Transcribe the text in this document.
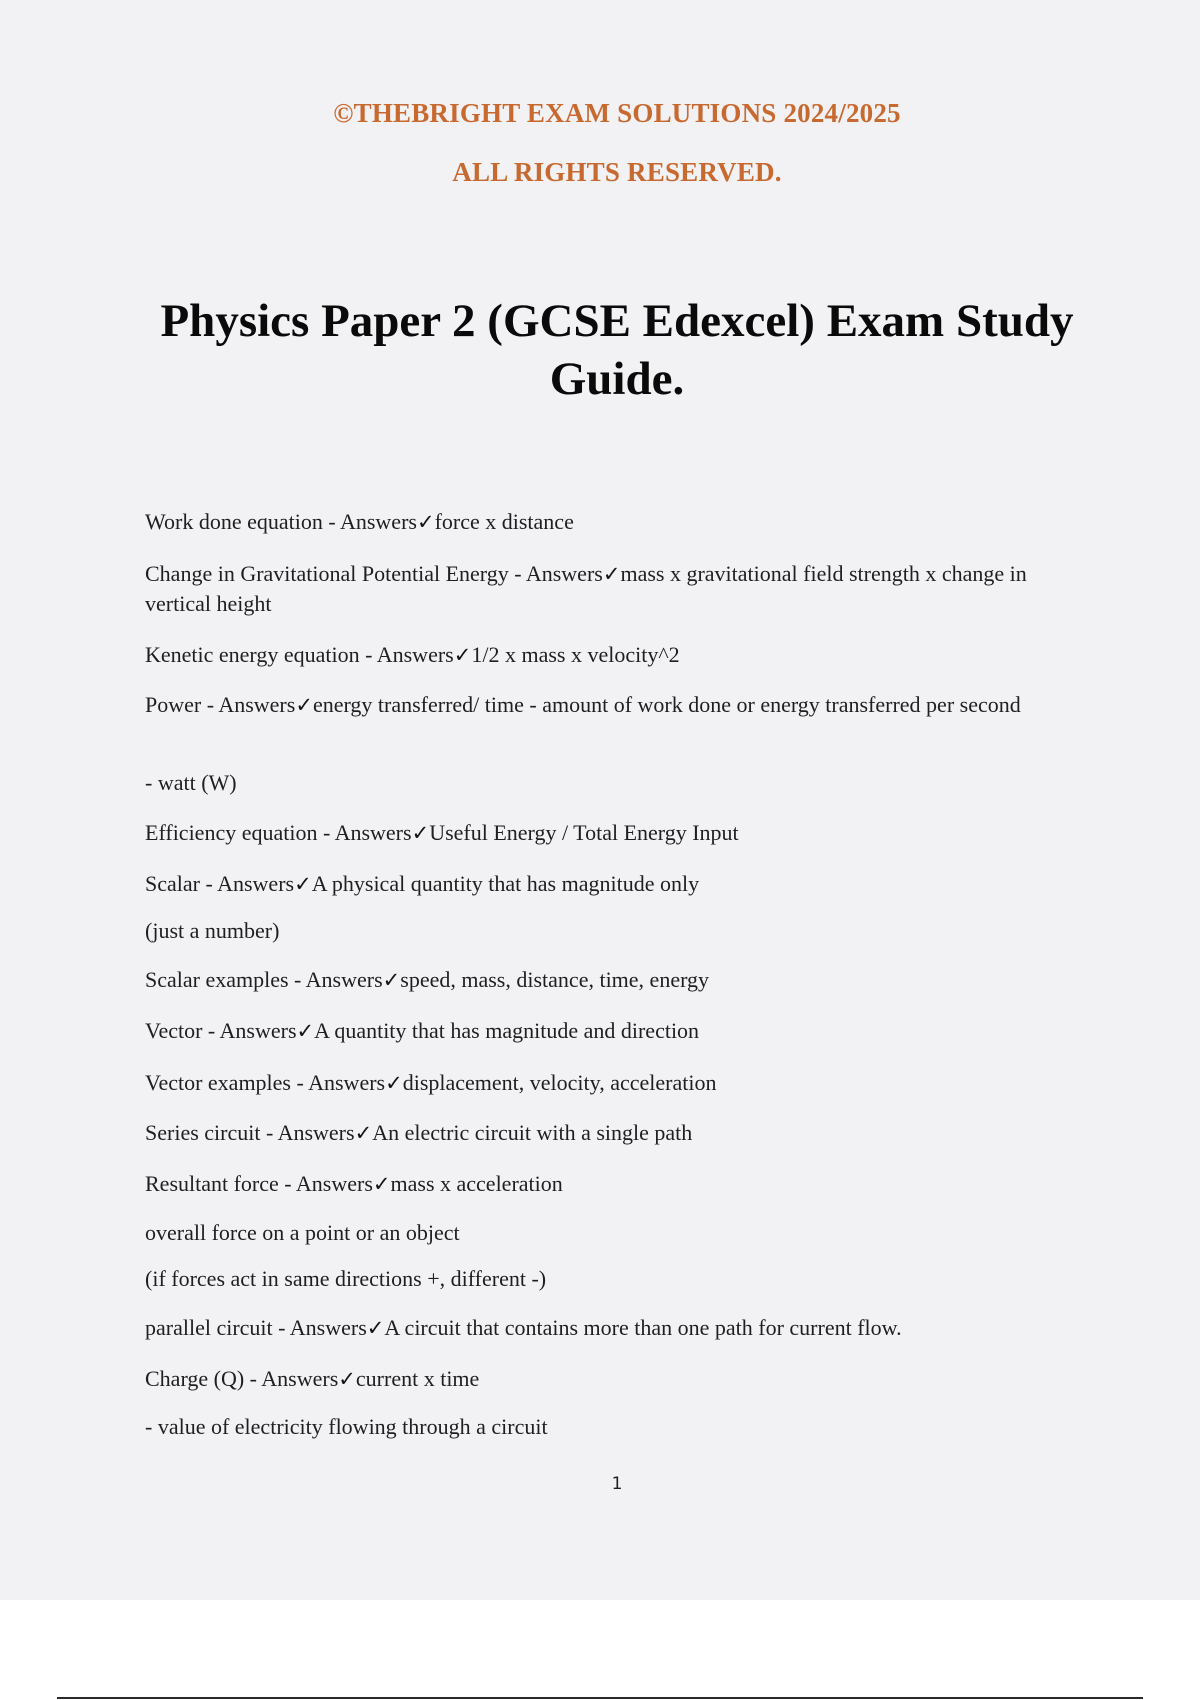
©THEBRIGHT EXAM SOLUTIONS 2024/2025
ALL RIGHTS RESERVED.
Physics Paper 2 (GCSE Edexcel) Exam Study Guide.
Work done equation - Answers✓force x distance
Change in Gravitational Potential Energy - Answers✓mass x gravitational field strength x change in vertical height
Kenetic energy equation - Answers✓1/2 x mass x velocity^2
Power - Answers✓energy transferred/ time - amount of work done or energy transferred per second
- watt (W)
Efficiency equation - Answers✓Useful Energy / Total Energy Input
Scalar - Answers✓A physical quantity that has magnitude only
(just a number)
Scalar examples - Answers✓speed, mass, distance, time, energy
Vector - Answers✓A quantity that has magnitude and direction
Vector examples - Answers✓displacement, velocity, acceleration
Series circuit - Answers✓An electric circuit with a single path
Resultant force - Answers✓mass x acceleration
overall force on a point or an object
(if forces act in same directions +, different -)
parallel circuit - Answers✓A circuit that contains more than one path for current flow.
Charge (Q) - Answers✓current x time
- value of electricity flowing through a circuit
1
